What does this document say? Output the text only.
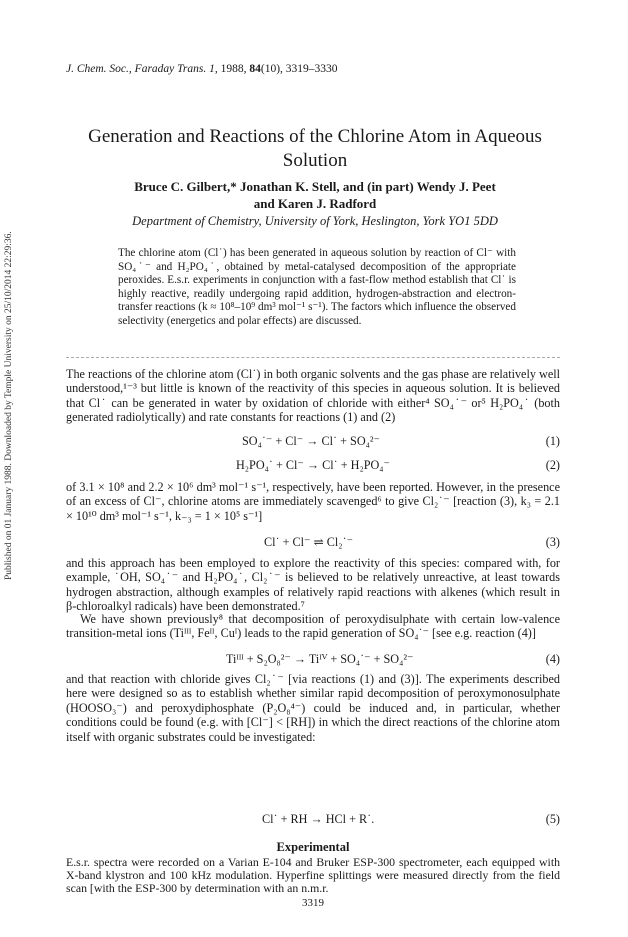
Published on 01 January 1988. Downloaded by Temple University on 25/10/2014 22:29:36.
J. Chem. Soc., Faraday Trans. 1, 1988, 84(10), 3319–3330
Generation and Reactions of the Chlorine Atom in Aqueous Solution
Bruce C. Gilbert,* Jonathan K. Stell, and (in part) Wendy J. Peet
and Karen J. Radford
Department of Chemistry, University of York, Heslington, York YO1 5DD
The chlorine atom (Cl˙) has been generated in aqueous solution by reaction of Cl⁻ with SO₄˙⁻ and H₂PO₄˙, obtained by metal-catalysed decomposition of the appropriate peroxides. E.s.r. experiments in conjunction with a fast-flow method establish that Cl˙ is highly reactive, readily undergoing rapid addition, hydrogen-abstraction and electron-transfer reactions (k ≈ 10⁸–10⁹ dm³ mol⁻¹ s⁻¹). The factors which influence the observed selectivity (energetics and polar effects) are discussed.
The reactions of the chlorine atom (Cl˙) in both organic solvents and the gas phase are relatively well understood,¹⁻³ but little is known of the reactivity of this species in aqueous solution. It is believed that Cl˙ can be generated in water by oxidation of chloride with either⁴ SO₄˙⁻ or⁵ H₂PO₄˙ (both generated radiolytically) and rate constants for reactions (1) and (2)
SO₄˙⁻ + Cl⁻ → Cl˙ + SO₄²⁻	(1)
H₂PO₄˙ + Cl⁻ → Cl˙ + H₂PO₄⁻	(2)
of 3.1 × 10⁸ and 2.2 × 10⁶ dm³ mol⁻¹ s⁻¹, respectively, have been reported. However, in the presence of an excess of Cl⁻, chlorine atoms are immediately scavenged⁶ to give Cl₂˙⁻ [reaction (3), k₃ = 2.1 × 10¹⁰ dm³ mol⁻¹ s⁻¹, k₋₃ = 1 × 10⁵ s⁻¹]
Cl˙ + Cl⁻ ⇌ Cl₂˙⁻	(3)
and this approach has been employed to explore the reactivity of this species: compared with, for example, ˙OH, SO₄˙⁻ and H₂PO₄˙, Cl₂˙⁻ is believed to be relatively unreactive, at least towards hydrogen abstraction, although examples of relatively rapid reactions with alkenes (which result in β-chloroalkyl radicals) have been demonstrated.⁷
We have shown previously⁸ that decomposition of peroxydisulphate with certain low-valence transition-metal ions (Tiᴵᴵᴵ, Feᴵᴵ, Cuᴵ) leads to the rapid generation of SO₄˙⁻ [see e.g. reaction (4)]
Tiᴵᴵᴵ + S₂O₈²⁻ → Tiᴵⱽ + SO₄˙⁻ + SO₄²⁻	(4)
and that reaction with chloride gives Cl₂˙⁻ [via reactions (1) and (3)]. The experiments described here were designed so as to establish whether similar rapid decomposition of peroxymonosulphate (HOOSO₃⁻) and peroxydiphosphate (P₂O₈⁴⁻) could be induced and, in particular, whether conditions could be found (e.g. with [Cl⁻] < [RH]) in which the direct reactions of the chlorine atom itself with organic substrates could be investigated:
Cl˙ + RH → HCl + R˙.	(5)
Experimental
E.s.r. spectra were recorded on a Varian E-104 and Bruker ESP-300 spectrometer, each equipped with X-band klystron and 100 kHz modulation. Hyperfine splittings were measured directly from the field scan [with the ESP-300 by determination with an n.m.r.
3319
